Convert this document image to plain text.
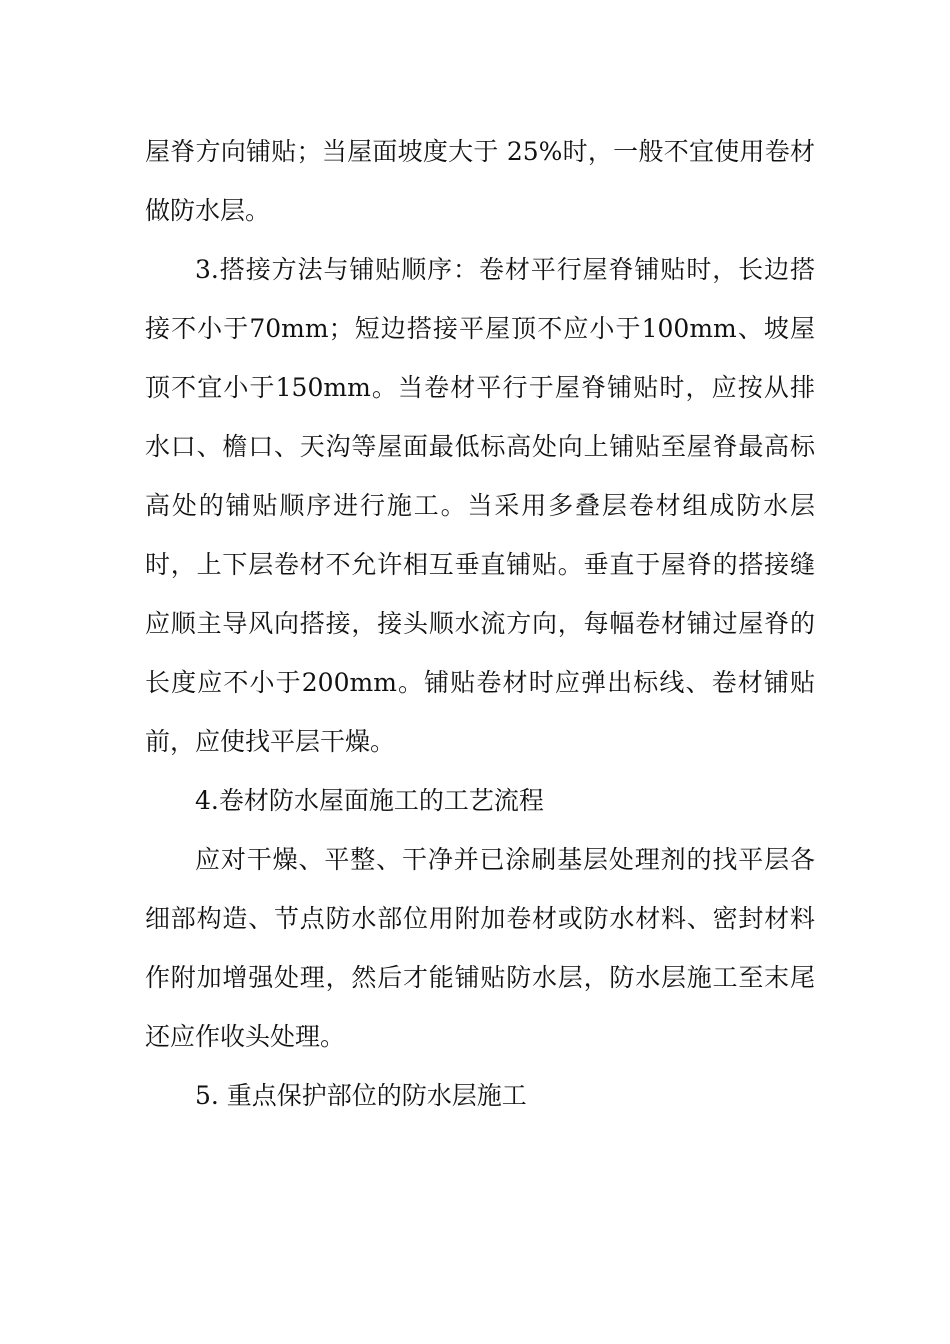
屋脊方向铺贴；当屋面坡度大于 25%时，一般不宜使用卷材做防水层。

3.搭接方法与铺贴顺序：卷材平行屋脊铺贴时，长边搭接不小于70mm；短边搭接平屋顶不应小于100mm、坡屋顶不宜小于150mm。当卷材平行于屋脊铺贴时，应按从排水口、檐口、天沟等屋面最低标高处向上铺贴至屋脊最高标高处的铺贴顺序进行施工。当采用多叠层卷材组成防水层时，上下层卷材不允许相互垂直铺贴。垂直于屋脊的搭接缝应顺主导风向搭接，接头顺水流方向，每幅卷材铺过屋脊的长度应不小于200mm。铺贴卷材时应弹出标线、卷材铺贴前，应使找平层干燥。

4.卷材防水屋面施工的工艺流程

应对干燥、平整、干净并已涂刷基层处理剂的找平层各细部构造、节点防水部位用附加卷材或防水材料、密封材料作附加增强处理，然后才能铺贴防水层，防水层施工至末尾还应作收头处理。

5. 重点保护部位的防水层施工
